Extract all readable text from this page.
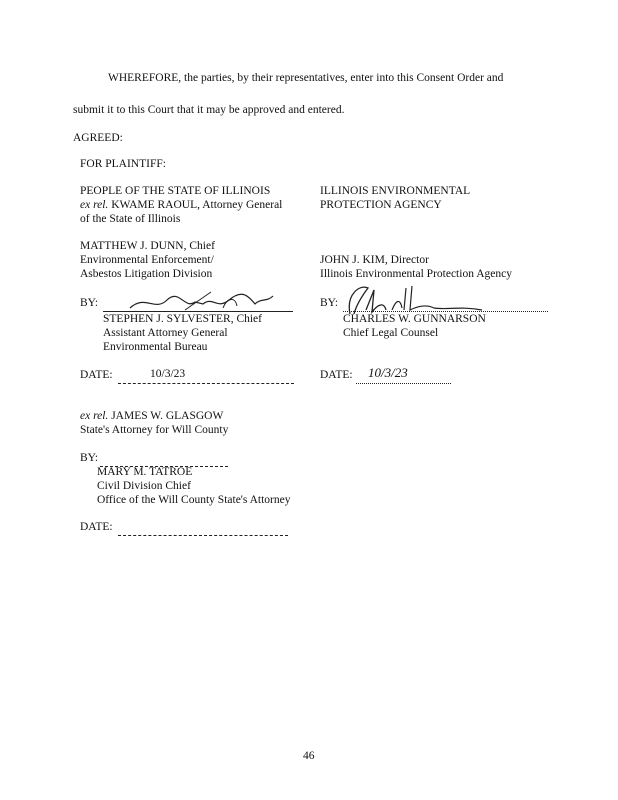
WHEREFORE, the parties, by their representatives, enter into this Consent Order and
submit it to this Court that it may be approved and entered.
AGREED:
FOR PLAINTIFF:
PEOPLE OF THE STATE OF ILLINOIS
ex rel. KWAME RAOUL, Attorney General
of the State of Illinois
MATTHEW J. DUNN, Chief
Environmental Enforcement/
Asbestos Litigation Division
BY:
STEPHEN J. SYLVESTER, Chief
Assistant Attorney General
Environmental Bureau
DATE:	10/3/23
ILLINOIS ENVIRONMENTAL
PROTECTION AGENCY
JOHN J. KIM, Director
Illinois Environmental Protection Agency
BY:
CHARLES W. GUNNARSON
Chief Legal Counsel
DATE: 10/3/23
ex rel. JAMES W. GLASGOW
State's Attorney for Will County
BY:
MARY M. TATROE
Civil Division Chief
Office of the Will County State's Attorney
DATE:
46
